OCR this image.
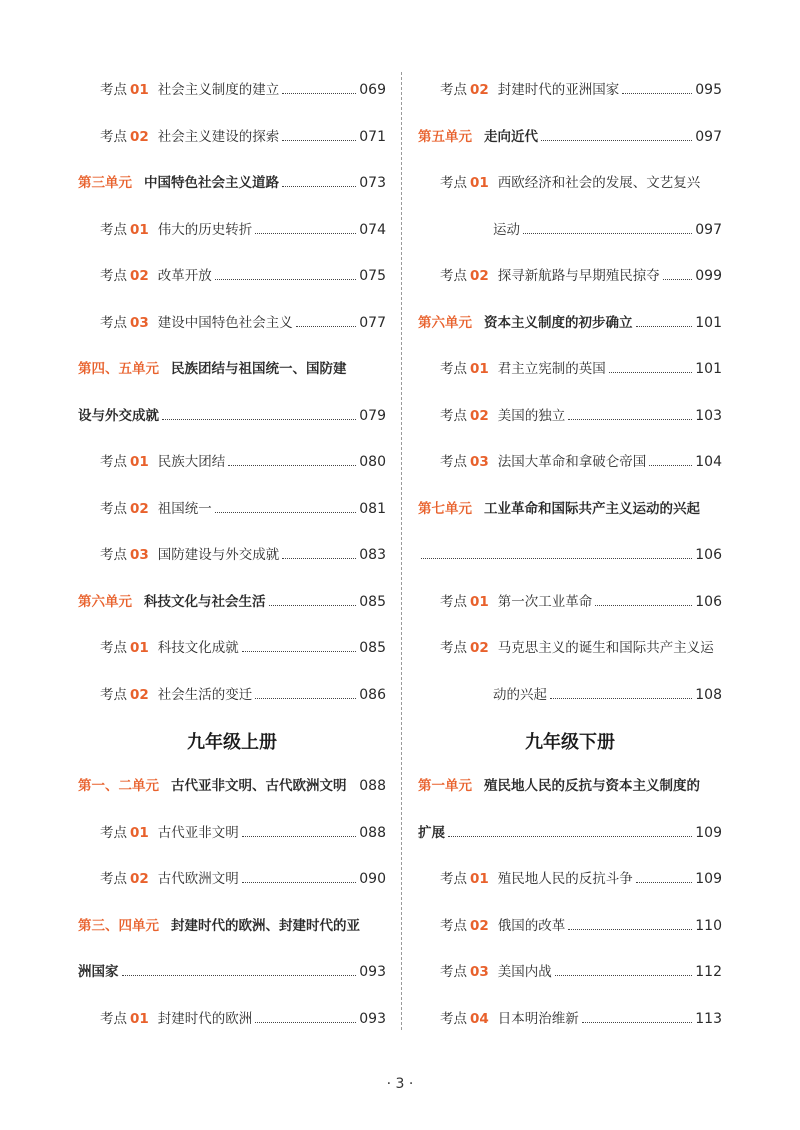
考点 01 社会主义制度的建立	069
考点 02 社会主义建设的探索	071
第三单元 中国特色社会主义道路	073
考点 01 伟大的历史转折	074
考点 02 改革开放	075
考点 03 建设中国特色社会主义	077
第四、五单元 民族团结与祖国统一、国防建
设与外交成就	079
考点 01 民族大团结	080
考点 02 祖国统一	081
考点 03 国防建设与外交成就	083
第六单元 科技文化与社会生活	085
考点 01 科技文化成就	085
考点 02 社会生活的变迁	086
九年级上册
第一、二单元 古代亚非文明、古代欧洲文明 088
考点 01 古代亚非文明	088
考点 02 古代欧洲文明	090
第三、四单元 封建时代的欧洲、封建时代的亚
洲国家	093
考点 01 封建时代的欧洲	093
考点 02 封建时代的亚洲国家	095
第五单元 走向近代	097
考点 01 西欧经济和社会的发展、文艺复兴
运动	097
考点 02 探寻新航路与早期殖民掠夺	099
第六单元 资本主义制度的初步确立	101
考点 01 君主立宪制的英国	101
考点 02 美国的独立	103
考点 03 法国大革命和拿破仑帝国	104
第七单元 工业革命和国际共产主义运动的兴起
106
考点 01 第一次工业革命	106
考点 02 马克思主义的诞生和国际共产主义运
动的兴起	108
九年级下册
第一单元 殖民地人民的反抗与资本主义制度的
扩展	109
考点 01 殖民地人民的反抗斗争	109
考点 02 俄国的改革	110
考点 03 美国内战	112
考点 04 日本明治维新	113
· 3 ·
